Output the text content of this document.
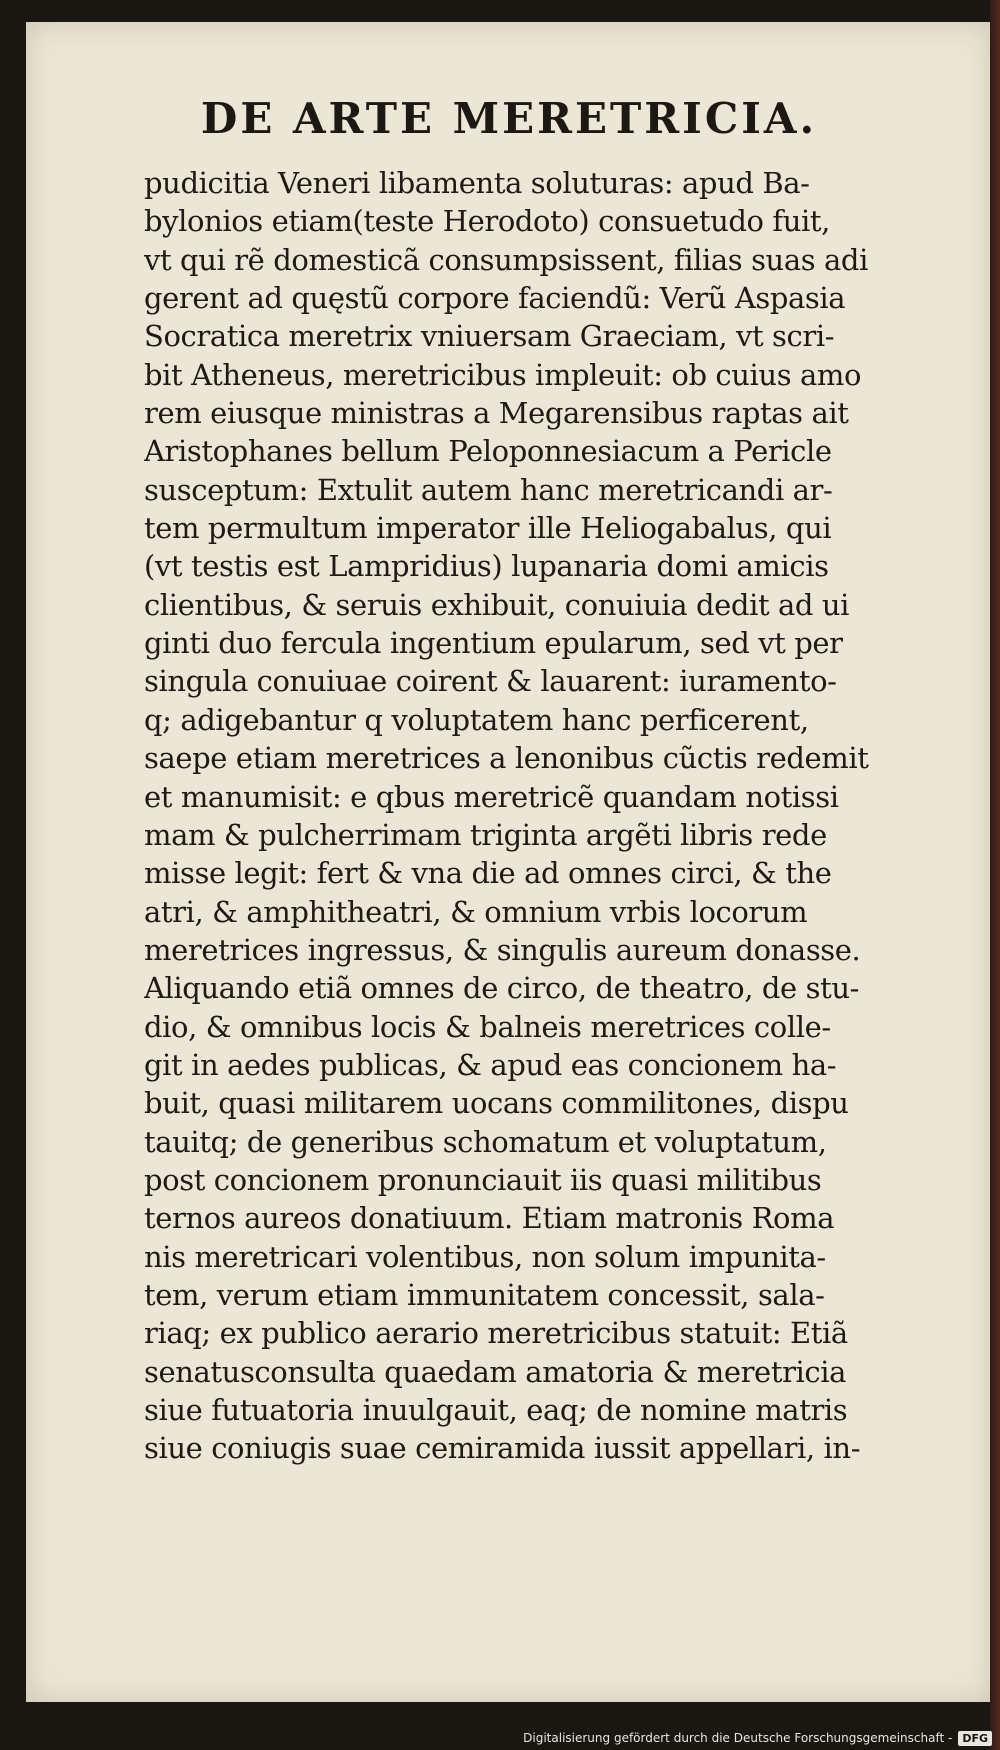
DE ARTE MERETRICIA.
pudicitia Veneri libamenta soluturas: apud Ba-
bylonios etiam(teste Herodoto) consuetudo fuit,
vt qui rẽ domesticã consumpsissent, filias suas adi
gerent ad quęstũ corpore faciendũ: Verũ Aspasia
Socratica meretrix vniuersam Graeciam, vt scri-
bit Atheneus, meretricibus impleuit: ob cuius amo
rem eiusque ministras a Megarensibus raptas ait
Aristophanes bellum Peloponnesiacum a Pericle
susceptum: Extulit autem hanc meretricandi ar-
tem permultum imperator ille Heliogabalus, qui
(vt testis est Lampridius) lupanaria domi amicis
clientibus, & seruis exhibuit, conuiuia dedit ad ui
ginti duo fercula ingentium epularum, sed vt per
singula conuiuae coirent & lauarent: iuramento-
q; adigebantur q voluptatem hanc perficerent,
saepe etiam meretrices a lenonibus cũctis redemit
et manumisit: e qbus meretricẽ quandam notissi
mam & pulcherrimam triginta argẽti libris rede
misse legit: fert & vna die ad omnes circi, & the
atri, & amphitheatri, & omnium vrbis locorum
meretrices ingressus, & singulis aureum donasse.
Aliquando etiã omnes de circo, de theatro, de stu-
dio, & omnibus locis & balneis meretrices colle-
git in aedes publicas, & apud eas concionem ha-
buit, quasi militarem uocans commilitones, dispu
tauitq; de generibus schomatum et voluptatum,
post concionem pronunciauit iis quasi militibus
ternos aureos donatiuum. Etiam matronis Roma
nis meretricari volentibus, non solum impunita-
tem, verum etiam immunitatem concessit, sala-
riaq; ex publico aerario meretricibus statuit: Etiã
senatusconsulta quaedam amatoria & meretricia
siue futuatoria inuulgauit, eaq; de nomine matris
siue coniugis suae cemiramida iussit appellari, in-
Digitalisierung gefördert durch die Deutsche Forschungsgemeinschaft - DFG
